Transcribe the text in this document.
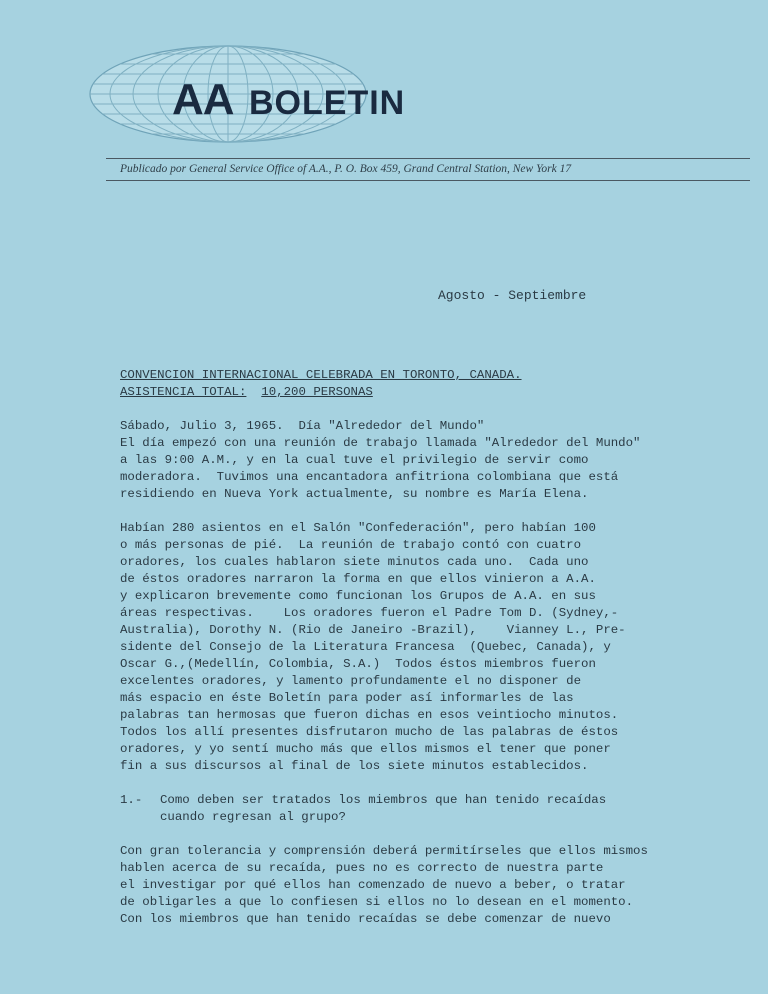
AA BOLETIN
Publicado por General Service Office of A.A., P. O. Box 459, Grand Central Station, New York 17
Agosto - Septiembre
CONVENCION INTERNACIONAL CELEBRADA EN TORONTO, CANADA.
ASISTENCIA TOTAL: 10,200 PERSONAS
Sábado, Julio 3, 1965.  Día "Alrededor del Mundo"
El día empezó con una reunión de trabajo llamada "Alrededor del Mundo"
a las 9:00 A.M., y en la cual tuve el privilegio de servir como
moderadora.  Tuvimos una encantadora anfitriona colombiana que está
residiendo en Nueva York actualmente, su nombre es María Elena.
Habían 280 asientos en el Salón "Confederación", pero habían 100
o más personas de pié.  La reunión de trabajo contó con cuatro
oradores, los cuales hablaron siete minutos cada uno.  Cada uno
de éstos oradores narraron la forma en que ellos vinieron a A.A.
y explicaron brevemente como funcionan los Grupos de A.A. en sus
áreas respectivas.    Los oradores fueron el Padre Tom D. (Sydney,-
Australia), Dorothy N. (Rio de Janeiro -Brazil),    Vianney L., Pre-
sidente del Consejo de la Literatura Francesa  (Quebec, Canada), y
Oscar G.,(Medellín, Colombia, S.A.)  Todos éstos miembros fueron
excelentes oradores, y lamento profundamente el no disponer de
más espacio en éste Boletín para poder así informarles de las
palabras tan hermosas que fueron dichas en esos veintiocho minutos.
Todos los allí presentes disfrutaron mucho de las palabras de éstos
oradores, y yo sentí mucho más que ellos mismos el tener que poner
fin a sus discursos al final de los siete minutos establecidos.
1.- Como deben ser tratados los miembros que han tenido recaídas
cuando regresan al grupo?
Con gran tolerancia y comprensión deberá permitírseles que ellos mismos
hablen acerca de su recaída, pues no es correcto de nuestra parte
el investigar por qué ellos han comenzado de nuevo a beber, o tratar
de obligarles a que lo confiesen si ellos no lo desean en el momento.
Con los miembros que han tenido recaídas se debe comenzar de nuevo
